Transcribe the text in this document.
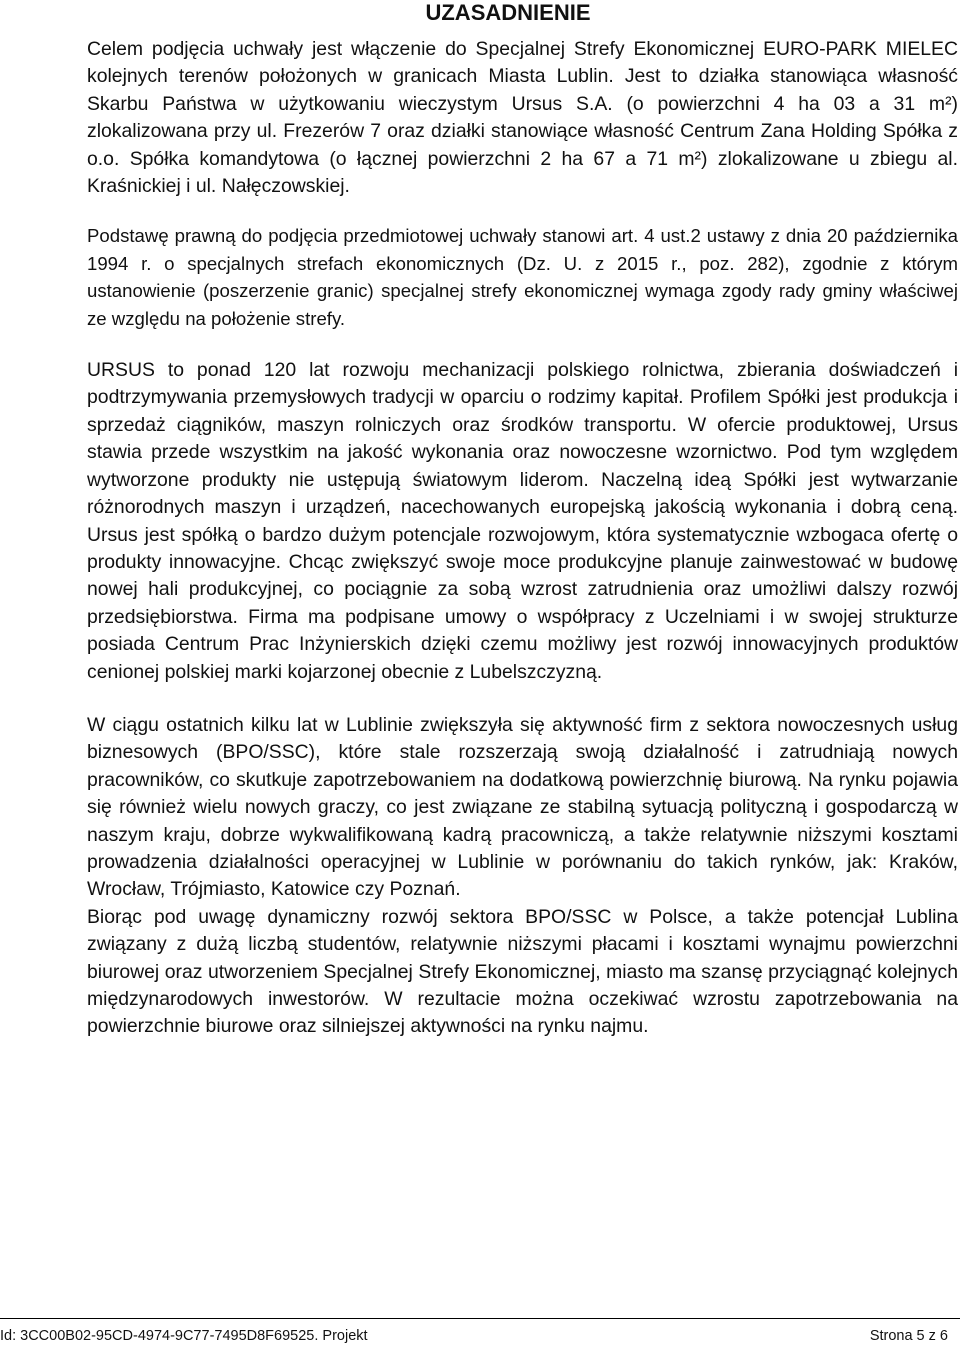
UZASADNIENIE

Celem podjęcia uchwały jest włączenie do Specjalnej Strefy Ekonomicznej EURO-PARK MIELEC kolejnych terenów położonych w granicach Miasta Lublin. Jest to działka stanowiąca własność Skarbu Państwa w użytkowaniu wieczystym Ursus S.A. (o powierzchni 4 ha 03 a 31 m²) zlokalizowana przy ul. Frezerów 7 oraz działki stanowiące własność Centrum Zana Holding Spółka z o.o. Spółka komandytowa (o łącznej powierzchni 2 ha 67 a 71 m²) zlokalizowane u zbiegu al. Kraśnickiej i ul. Nałęczowskiej.

Podstawę prawną do podjęcia przedmiotowej uchwały stanowi art. 4 ust.2 ustawy z dnia 20 października 1994 r. o specjalnych strefach ekonomicznych (Dz. U. z 2015 r., poz. 282), zgodnie z którym ustanowienie (poszerzenie granic) specjalnej strefy ekonomicznej wymaga zgody rady gminy właściwej ze względu na położenie strefy.

URSUS to ponad 120 lat rozwoju mechanizacji polskiego rolnictwa, zbierania doświadczeń i podtrzymywania przemysłowych tradycji w oparciu o rodzimy kapitał. Profilem Spółki jest produkcja i sprzedaż ciągników, maszyn rolniczych oraz środków transportu. W ofercie produktowej, Ursus stawia przede wszystkim na jakość wykonania oraz nowoczesne wzornictwo. Pod tym względem wytworzone produkty nie ustępują światowym liderom. Naczelną ideą Spółki jest wytwarzanie różnorodnych maszyn i urządzeń, nacechowanych europejską jakością wykonania i dobrą ceną. Ursus jest spółką o bardzo dużym potencjale rozwojowym, która systematycznie wzbogaca ofertę o produkty innowacyjne. Chcąc zwiększyć swoje moce produkcyjne planuje zainwestować w budowę nowej hali produkcyjnej, co pociągnie za sobą wzrost zatrudnienia oraz umożliwi dalszy rozwój przedsiębiorstwa. Firma ma podpisane umowy o współpracy z Uczelniami i w swojej strukturze posiada Centrum Prac Inżynierskich dzięki czemu możliwy jest rozwój innowacyjnych produktów cenionej polskiej marki kojarzonej obecnie z Lubelszczyzną.

W ciągu ostatnich kilku lat w Lublinie zwiększyła się aktywność firm z sektora nowoczesnych usług biznesowych (BPO/SSC), które stale rozszerzają swoją działalność i zatrudniają nowych pracowników, co skutkuje zapotrzebowaniem na dodatkową powierzchnię biurową. Na rynku pojawia się również wielu nowych graczy, co jest związane ze stabilną sytuacją polityczną i gospodarczą w naszym kraju, dobrze wykwalifikowaną kadrą pracowniczą, a także relatywnie niższymi kosztami prowadzenia działalności operacyjnej w Lublinie w porównaniu do takich rynków, jak: Kraków, Wrocław, Trójmiasto, Katowice czy Poznań.

Biorąc pod uwagę dynamiczny rozwój sektora BPO/SSC w Polsce, a także potencjał Lublina związany z dużą liczbą studentów, relatywnie niższymi płacami i kosztami wynajmu powierzchni biurowej oraz utworzeniem Specjalnej Strefy Ekonomicznej, miasto ma szansę przyciągnąć kolejnych międzynarodowych inwestorów. W rezultacie można oczekiwać wzrostu zapotrzebowania na powierzchnie biurowe oraz silniejszej aktywności na rynku najmu.

Id: 3CC00B02-95CD-4974-9C77-7495D8F69525. Projekt	Strona 5 z 6
